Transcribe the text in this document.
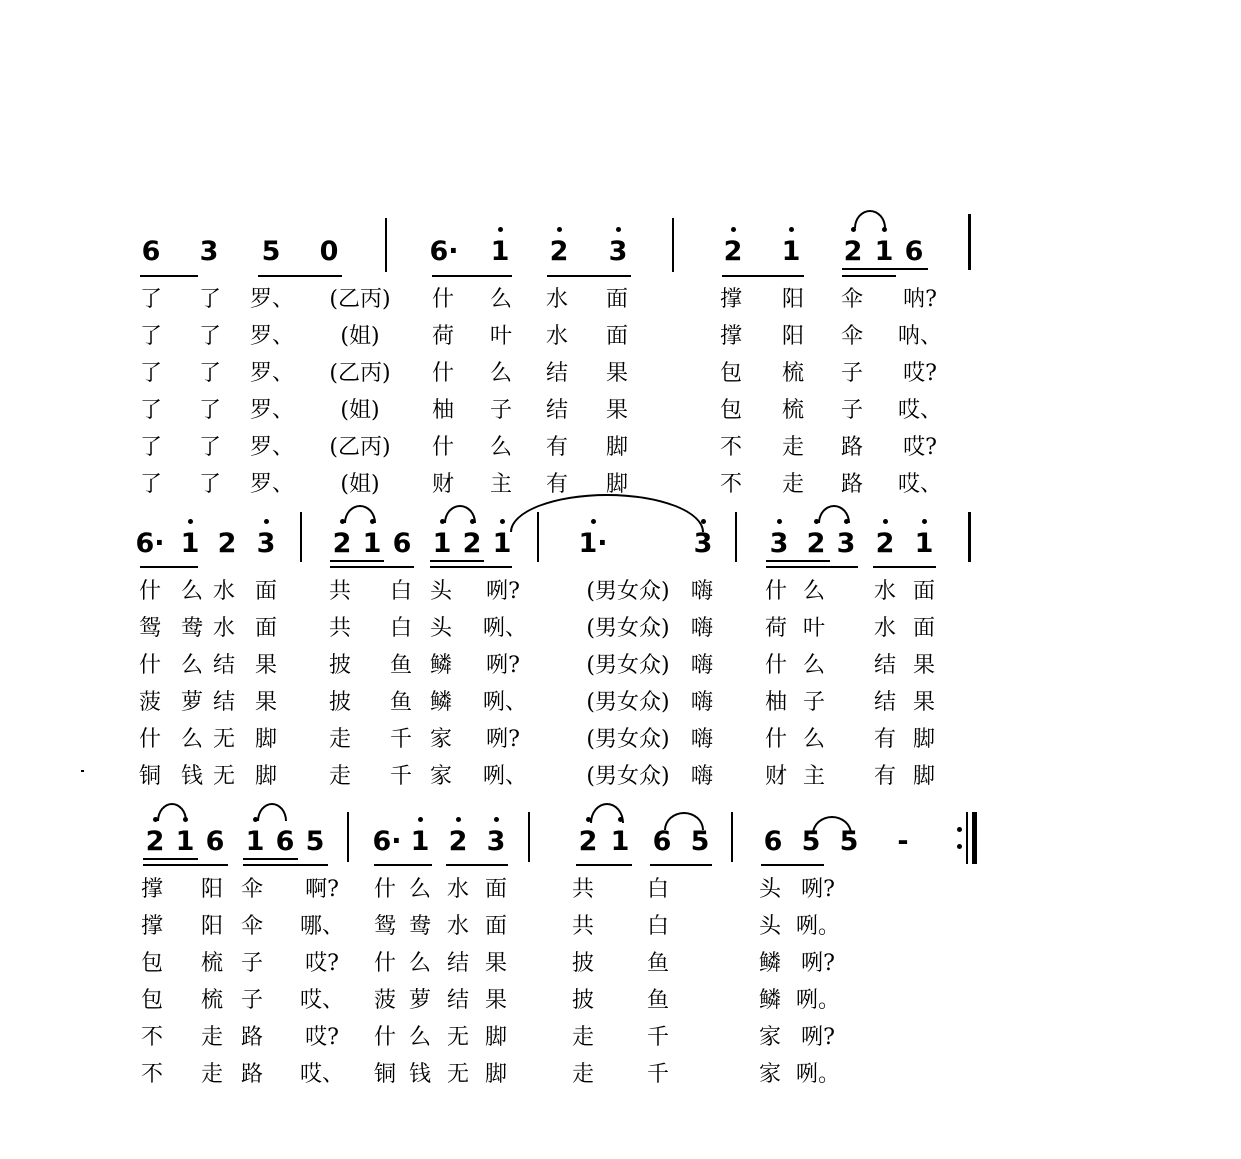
6 3 5 0	6· 1 2 3	2 1 2 1 6
了	了	罗、	(乙丙)	什	么	水	面	撑	阳	伞	呐?
了	了	罗、	(姐)	荷	叶	水	面	撑	阳	伞	呐、
了	了	罗、	(乙丙)	什	么	结	果	包	梳	子	哎?
了	了	罗、	(姐)	柚	子	结	果	包	梳	子	哎、
了	了	罗、	(乙丙)	什	么	有	脚	不	走	路	哎?
了	了	罗、	(姐)	财	主	有	脚	不	走	路	哎、
6· 1 2 3 2 1 6 1 2 1 1·	3 3 2 3 2 1
什 么 水 面	共	白 头	咧?	(男女众) 嗨	什 么	水 面
鸳 鸯 水 面	共	白 头	咧、	(男女众) 嗨	荷 叶	水 面
什 么 结 果	披	鱼 鳞	咧?	(男女众) 嗨	什 么	结 果
菠 萝 结 果	披	鱼 鳞	咧、	(男女众) 嗨	柚 子	结 果
什 么 无 脚	走	千 家	咧?	(男女众) 嗨	什 么	有 脚
铜 钱 无 脚	走	千 家	咧、	(男女众) 嗨	财 主	有 脚
2 1 6 1 6 5 6· 1 2 3	2 1 6 5 6 5 5	-
撑	阳 伞	啊?	什 么 水 面	共	白	头 咧?
撑	阳 伞	哪、	鸳 鸯 水 面	共	白	头 咧。
包	梳 子	哎?	什 么 结 果	披	鱼	鳞 咧?
包	梳 子	哎、	菠 萝 结 果	披	鱼	鳞 咧。
不	走 路	哎?	什 么 无 脚	走	千	家 咧?
不	走 路	哎、	铜 钱 无 脚	走	千	家 咧。
